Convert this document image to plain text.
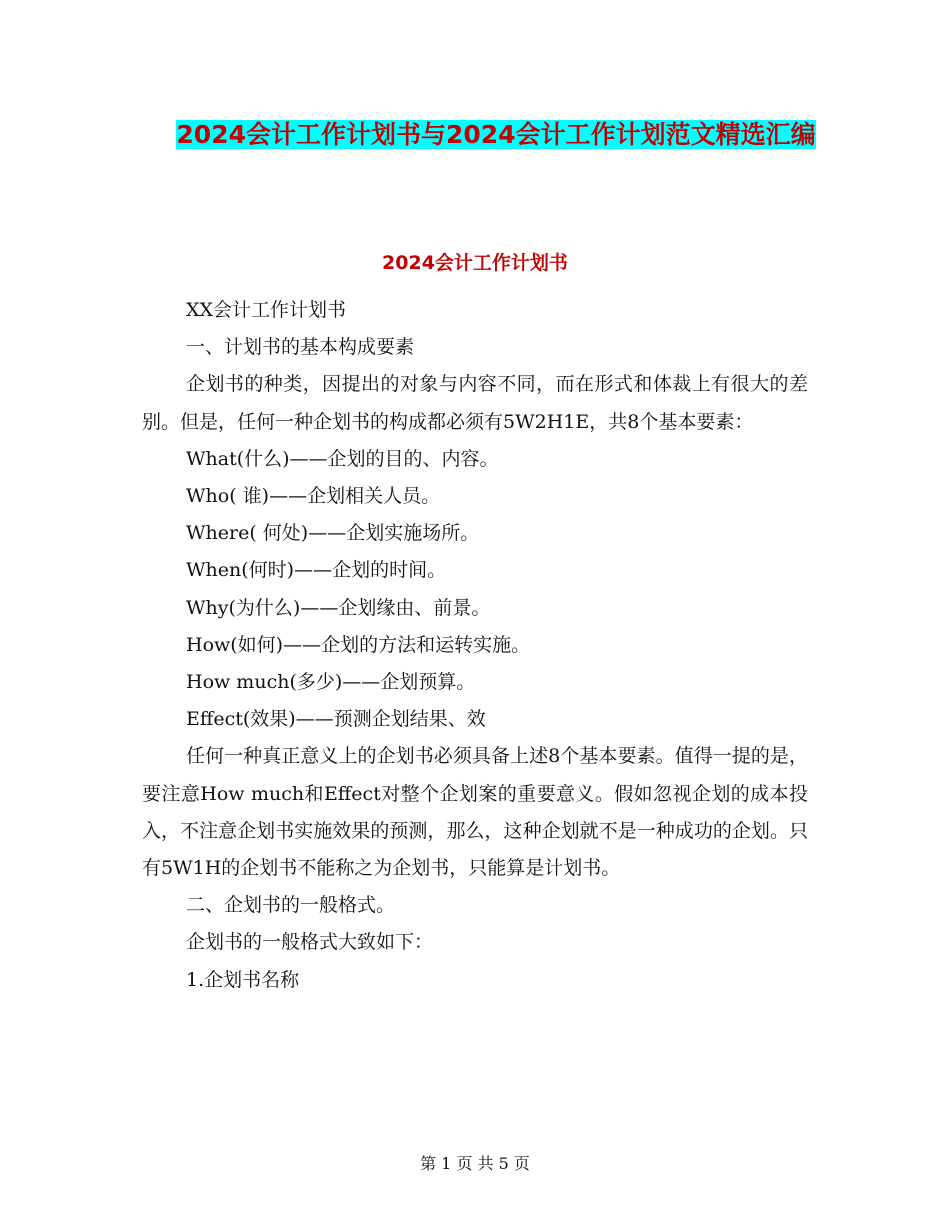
2024会计工作计划书与2024会计工作计划范文精选汇编
2024会计工作计划书

XX会计工作计划书

一、计划书的基本构成要素

企划书的种类，因提出的对象与内容不同，而在形式和体裁上有很大的差别。但是，任何一种企划书的构成都必须有5W2H1E，共8个基本要素：

What(什么)——企划的目的、内容。

Who( 谁)——企划相关人员。

Where( 何处)——企划实施场所。

When(何时)——企划的时间。

Why(为什么)——企划缘由、前景。

How(如何)——企划的方法和运转实施。

How much(多少)——企划预算。

Effect(效果)——预测企划结果、效

任何一种真正意义上的企划书必须具备上述8个基本要素。值得一提的是，要注意How much和Effect对整个企划案的重要意义。假如忽视企划的成本投入，不注意企划书实施效果的预测，那么，这种企划就不是一种成功的企划。只有5W1H的企划书不能称之为企划书，只能算是计划书。

二、企划书的一般格式。

企划书的一般格式大致如下：

1.企划书名称

第 1 页 共 5 页
